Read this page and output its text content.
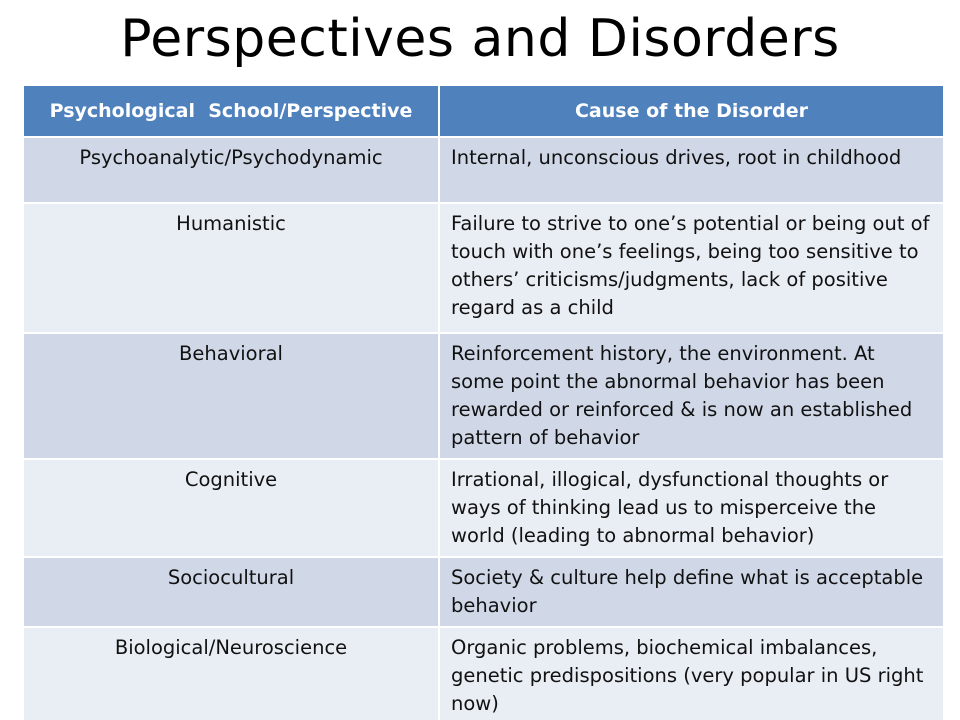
Perspectives and Disorders
Psychological  School/Perspective	Cause of the Disorder
Psychoanalytic/Psychodynamic	Internal, unconscious drives, root in childhood
Humanistic	Failure to strive to one’s potential or being out of touch with one’s feelings, being too sensitive to others’ criticisms/judgments, lack of positive regard as a child
Behavioral	Reinforcement history, the environment. At some point the abnormal behavior has been rewarded or reinforced & is now an established pattern of behavior
Cognitive	Irrational, illogical, dysfunctional thoughts or ways of thinking lead us to misperceive the world (leading to abnormal behavior)
Sociocultural	Society & culture help define what is acceptable behavior
Biological/Neuroscience	Organic problems, biochemical imbalances, genetic predispositions (very popular in US right now)
